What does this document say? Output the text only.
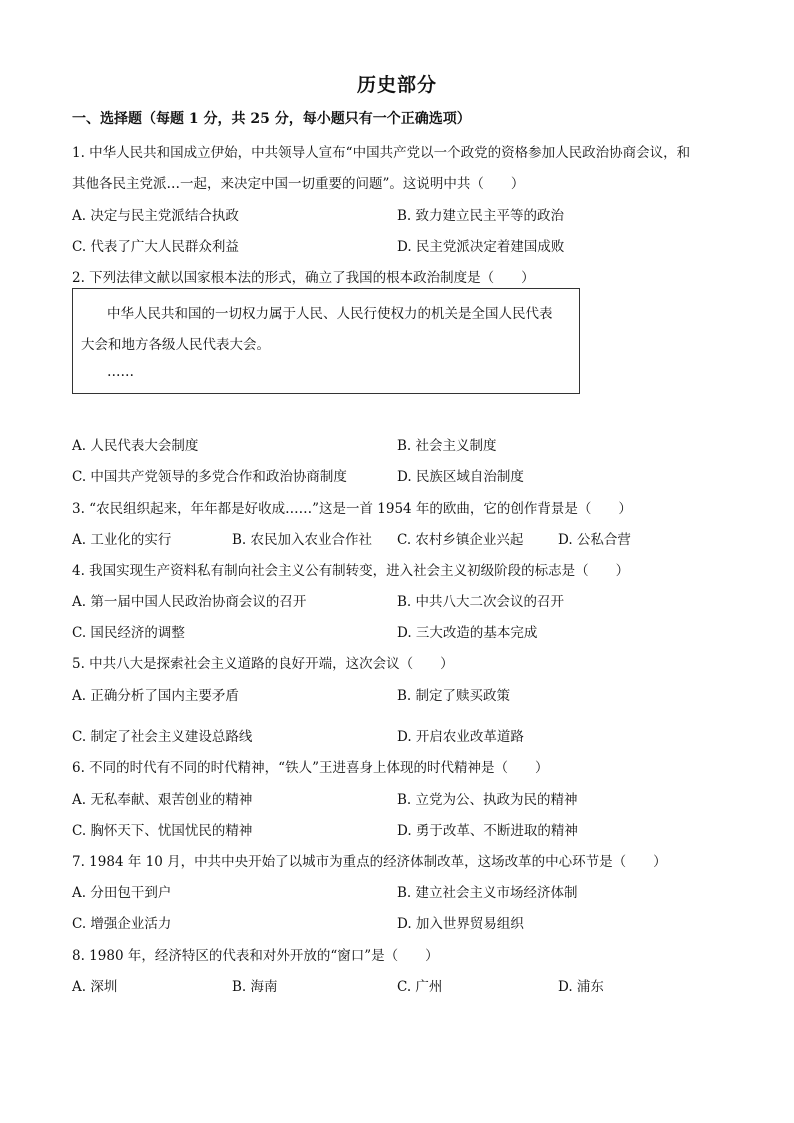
历史部分
一、选择题（每题 1 分，共 25 分，每小题只有一个正确选项）
1. 中华人民共和国成立伊始，中共领导人宣布“中国共产党以一个政党的资格参加人民政治协商会议，和
其他各民主党派…一起，来决定中国一切重要的问题”。这说明中共（　　）
A. 决定与民主党派结合执政	B. 致力建立民主平等的政治
C. 代表了广大人民群众利益	D. 民主党派决定着建国成败
2. 下列法律文献以国家根本法的形式，确立了我国的根本政治制度是（　　）
中华人民共和国的一切权力属于人民、人民行使权力的机关是全国人民代表
大会和地方各级人民代表大会。
……
A. 人民代表大会制度	B. 社会主义制度
C. 中国共产党领导的多党合作和政治协商制度	D. 民族区域自治制度
3. “农民组织起来，年年都是好收成……”这是一首 1954 年的欧曲，它的创作背景是（　　）
A. 工业化的实行	B. 农民加入农业合作社 C. 农村乡镇企业兴起	D. 公私合营
4. 我国实现生产资料私有制向社会主义公有制转变，进入社会主义初级阶段的标志是（　　）
A. 第一届中国人民政治协商会议的召开	B. 中共八大二次会议的召开
C. 国民经济的调整	D. 三大改造的基本完成
5. 中共八大是探索社会主义道路的良好开端，这次会议（　　）
A. 正确分析了国内主要矛盾	B. 制定了赎买政策
C. 制定了社会主义建设总路线	D. 开启农业改革道路
6. 不同的时代有不同的时代精神，“铁人”王进喜身上体现的时代精神是（　　）
A. 无私奉献、艰苦创业的精神	B. 立党为公、执政为民的精神
C. 胸怀天下、忧国忧民的精神	D. 勇于改革、不断进取的精神
7. 1984 年 10 月，中共中央开始了以城市为重点的经济体制改革，这场改革的中心环节是（　　）
A. 分田包干到户	B. 建立社会主义市场经济体制
C. 增强企业活力	D. 加入世界贸易组织
8. 1980 年，经济特区的代表和对外开放的“窗口”是（　　）
A. 深圳	B. 海南	C. 广州	D. 浦东
